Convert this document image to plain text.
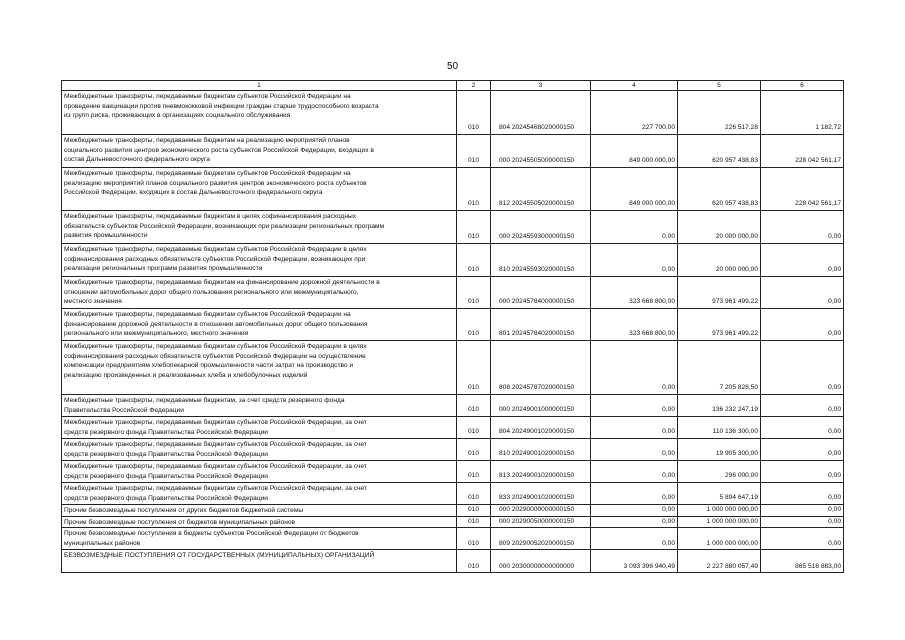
50
1	2	3	4	5	6

Межбюджетные трансферты, передаваемые бюджетам субъектов Российской Федерации на
проведение вакцинации против пневмококковой инфекции граждан старше трудоспособного возраста
из групп риска, проживающих в организациях социального обслуживания	010	804 20245468020000150	227 700,00	226 517,28	1 182,72

Межбюджетные трансферты, передаваемые бюджетам на реализацию мероприятий планов
социального развития центров экономического роста субъектов Российской Федерации, входящих в
состав Дальневосточного федерального округа	010	000 20245505000000150	849 000 000,00	620 957 438,83	228 042 561,17

Межбюджетные трансферты, передаваемые бюджетам субъектов Российской Федерации на
реализацию мероприятий планов социального развития центров экономического роста субъектов
Российской Федерации, входящих в состав Дальневосточного федерального округа	010	812 20245505020000150	849 000 000,00	620 957 438,83	228 042 561,17

Межбюджетные трансферты, передаваемые бюджетам в целях софинансирования расходных
обязательств субъектов Российской Федерации, возникающих при реализации региональных программ
развития промышленности	010	000 20245593000000150	0,00	20 000 000,00	0,00

Межбюджетные трансферты, передаваемые бюджетам субъектов Российской Федерации в целях
софинансирования расходных обязательств субъектов Российской Федерации, возникающих при
реализации региональных программ развития промышленности	010	810 20245593020000150	0,00	20 000 000,00	0,00

Межбюджетные трансферты, передаваемые бюджетам на финансирование дорожной деятельности в
отношении автомобильных дорог общего пользования регионального или межмуниципального,
местного значения	010	000 20245784000000150	323 668 800,00	973 961 499,22	0,00

Межбюджетные трансферты, передаваемые бюджетам субъектов Российской Федерации на
финансирование дорожной деятельности в отношении автомобильных дорог общего пользования
регионального или межмуниципального, местного значения	010	801 20245784020000150	323 668 800,00	973 961 499,22	0,00

Межбюджетные трансферты, передаваемые бюджетам субъектов Российской Федерации в целях
софинансирования расходных обязательств субъектов Российской Федерации на осуществление
компенсации предприятиям хлебопекарной промышленности части затрат на производство и
реализацию произведенных и реализованных хлеба и хлебобулочных изделий	010	808 20245787020000150	0,00	7 205 828,50	0,00

Межбюджетные трансферты, передаваемые бюджетам, за счет средств резервного фонда
Правительства Российской Федерации	010	000 20249001000000150	0,00	136 232 247,19	0,00

Межбюджетные трансферты, передаваемые бюджетам субъектов Российской Федерации, за счет
средств резервного фонда Правительства Российской Федерации	010	804 20249001020000150	0,00	110 136 300,00	0,00

Межбюджетные трансферты, передаваемые бюджетам субъектов Российской Федерации, за счет
средств резервного фонда Правительства Российской Федерации	010	810 20249001020000150	0,00	19 905 300,00	0,00

Межбюджетные трансферты, передаваемые бюджетам субъектов Российской Федерации, за счет
средств резервного фонда Правительства Российской Федерации	010	813 20249001020000150	0,00	296 000,00	0,00

Межбюджетные трансферты, передаваемые бюджетам субъектов Российской Федерации, за счет
средств резервного фонда Правительства Российской Федерации	010	833 20249001020000150	0,00	5 894 647,19	0,00

Прочие безвозмездные поступления от других бюджетов бюджетной системы	010	000 20290000000000150	0,00	1 000 000 000,00	0,00

Прочие безвозмездные поступления от бюджетов муниципальных районов	010	000 20290050000000150	0,00	1 000 000 000,00	0,00

Прочие безвозмездные поступления в бюджеты субъектов Российской Федерации от бюджетов
муниципальных районов	010	809 20290052020000150	0,00	1 000 000 000,00	0,00

БЕЗВОЗМЕЗДНЫЕ ПОСТУПЛЕНИЯ ОТ ГОСУДАРСТВЕННЫХ (МУНИЦИПАЛЬНЫХ) ОРГАНИЗАЦИЙ	010	000 20300000000000000	3 093 396 940,49	2 227 880 057,49	865 516 883,00
